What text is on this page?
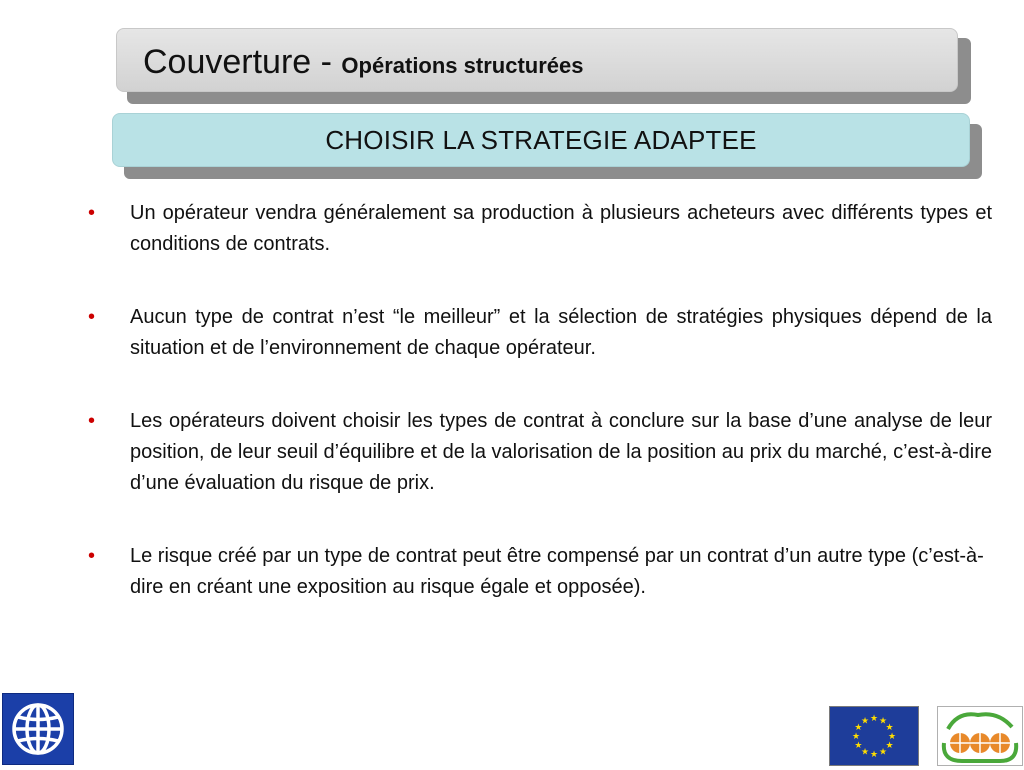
Couverture - Opérations structurées
CHOISIR LA STRATEGIE ADAPTEE
•	Un opérateur vendra généralement sa production à plusieurs acheteurs avec différents types et conditions de contrats.
•	Aucun type de contrat n’est “le meilleur” et la sélection de stratégies physiques dépend de la situation et de l’environnement de chaque opérateur.
•	Les opérateurs doivent choisir les types de contrat à conclure sur la base d’une analyse de leur position, de leur seuil d’équilibre et de la valorisation de la position au prix du marché, c’est-à-dire d’une évaluation du risque de prix.
•	Le risque créé par un type de contrat peut être compensé par un contrat d’un autre type (c’est-à-dire en créant une exposition au risque égale et opposée).
★ ★
★
★
★
★
★
★
★
★
★
★
